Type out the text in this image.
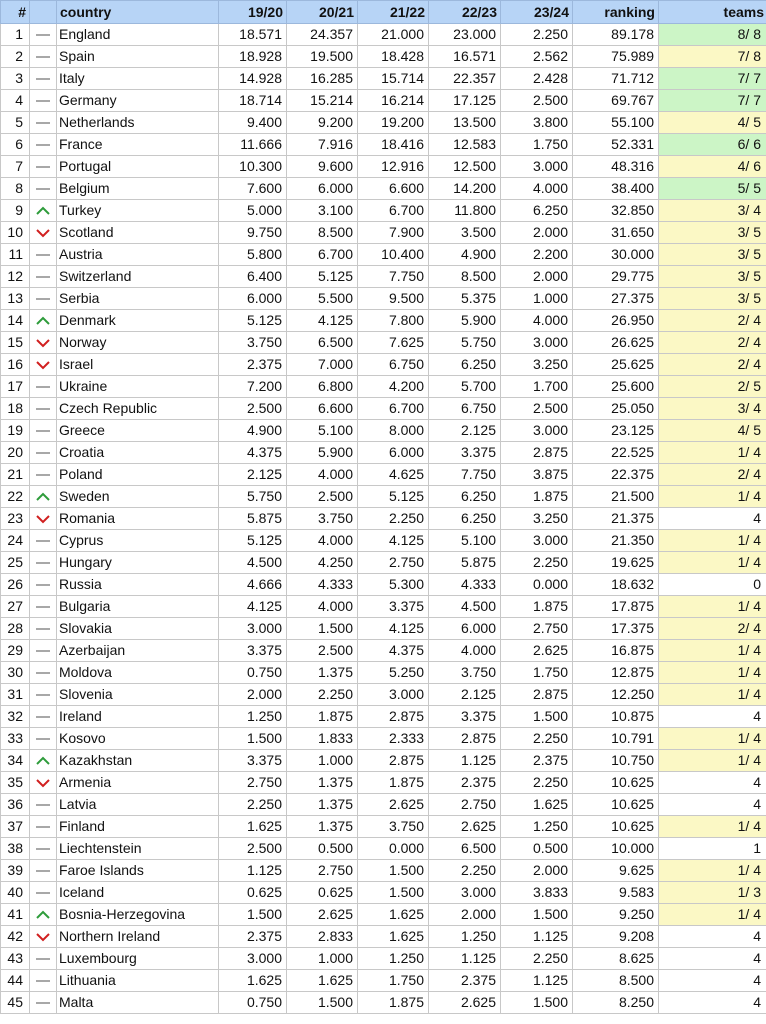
#		country	19/20	20/21	21/22	22/23	23/24	ranking	teams
1		England	18.571	24.357	21.000	23.000	2.250	89.178	8/ 8
2		Spain	18.928	19.500	18.428	16.571	2.562	75.989	7/ 8
3		Italy	14.928	16.285	15.714	22.357	2.428	71.712	7/ 7
4		Germany	18.714	15.214	16.214	17.125	2.500	69.767	7/ 7
5		Netherlands	9.400	9.200	19.200	13.500	3.800	55.100	4/ 5
6		France	11.666	7.916	18.416	12.583	1.750	52.331	6/ 6
7		Portugal	10.300	9.600	12.916	12.500	3.000	48.316	4/ 6
8		Belgium	7.600	6.000	6.600	14.200	4.000	38.400	5/ 5
9		Turkey	5.000	3.100	6.700	11.800	6.250	32.850	3/ 4
10		Scotland	9.750	8.500	7.900	3.500	2.000	31.650	3/ 5
11		Austria	5.800	6.700	10.400	4.900	2.200	30.000	3/ 5
12		Switzerland	6.400	5.125	7.750	8.500	2.000	29.775	3/ 5
13		Serbia	6.000	5.500	9.500	5.375	1.000	27.375	3/ 5
14		Denmark	5.125	4.125	7.800	5.900	4.000	26.950	2/ 4
15		Norway	3.750	6.500	7.625	5.750	3.000	26.625	2/ 4
16		Israel	2.375	7.000	6.750	6.250	3.250	25.625	2/ 4
17		Ukraine	7.200	6.800	4.200	5.700	1.700	25.600	2/ 5
18		Czech Republic	2.500	6.600	6.700	6.750	2.500	25.050	3/ 4
19		Greece	4.900	5.100	8.000	2.125	3.000	23.125	4/ 5
20		Croatia	4.375	5.900	6.000	3.375	2.875	22.525	1/ 4
21		Poland	2.125	4.000	4.625	7.750	3.875	22.375	2/ 4
22		Sweden	5.750	2.500	5.125	6.250	1.875	21.500	1/ 4
23		Romania	5.875	3.750	2.250	6.250	3.250	21.375	4
24		Cyprus	5.125	4.000	4.125	5.100	3.000	21.350	1/ 4
25		Hungary	4.500	4.250	2.750	5.875	2.250	19.625	1/ 4
26		Russia	4.666	4.333	5.300	4.333	0.000	18.632	0
27		Bulgaria	4.125	4.000	3.375	4.500	1.875	17.875	1/ 4
28		Slovakia	3.000	1.500	4.125	6.000	2.750	17.375	2/ 4
29		Azerbaijan	3.375	2.500	4.375	4.000	2.625	16.875	1/ 4
30		Moldova	0.750	1.375	5.250	3.750	1.750	12.875	1/ 4
31		Slovenia	2.000	2.250	3.000	2.125	2.875	12.250	1/ 4
32		Ireland	1.250	1.875	2.875	3.375	1.500	10.875	4
33		Kosovo	1.500	1.833	2.333	2.875	2.250	10.791	1/ 4
34		Kazakhstan	3.375	1.000	2.875	1.125	2.375	10.750	1/ 4
35		Armenia	2.750	1.375	1.875	2.375	2.250	10.625	4
36		Latvia	2.250	1.375	2.625	2.750	1.625	10.625	4
37		Finland	1.625	1.375	3.750	2.625	1.250	10.625	1/ 4
38		Liechtenstein	2.500	0.500	0.000	6.500	0.500	10.000	1
39		Faroe Islands	1.125	2.750	1.500	2.250	2.000	9.625	1/ 4
40		Iceland	0.625	0.625	1.500	3.000	3.833	9.583	1/ 3
41		Bosnia-Herzegovina	1.500	2.625	1.625	2.000	1.500	9.250	1/ 4
42		Northern Ireland	2.375	2.833	1.625	1.250	1.125	9.208	4
43		Luxembourg	3.000	1.000	1.250	1.125	2.250	8.625	4
44		Lithuania	1.625	1.625	1.750	2.375	1.125	8.500	4
45		Malta	0.750	1.500	1.875	2.625	1.500	8.250	4
